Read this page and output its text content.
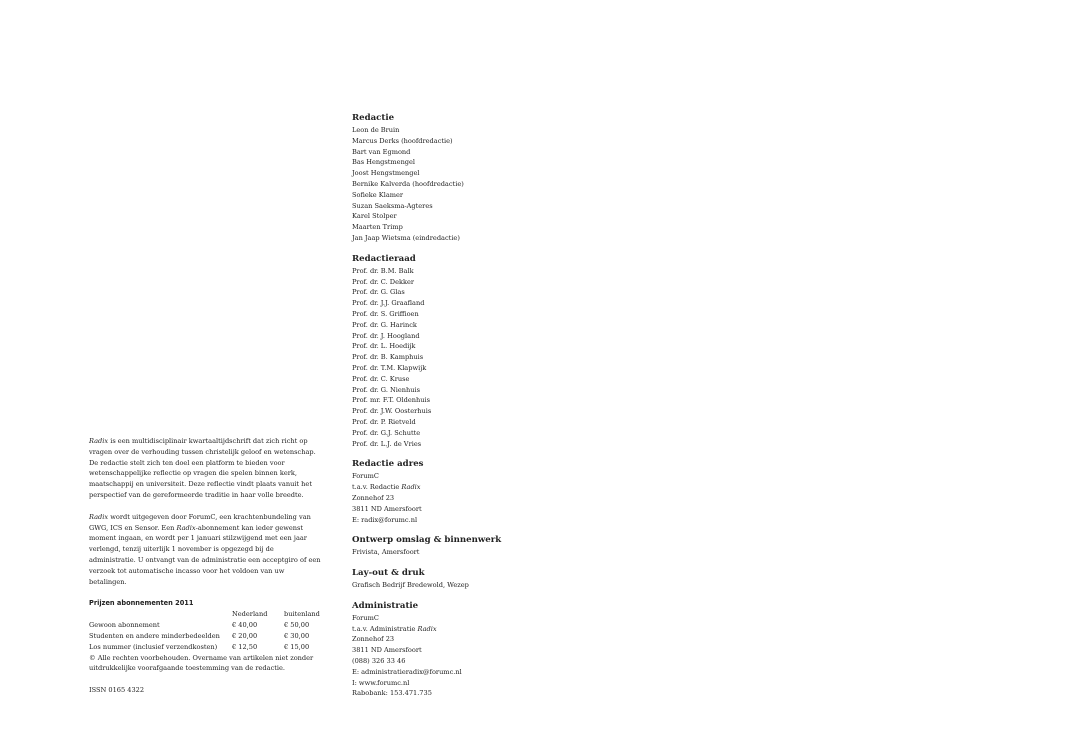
Radix is een multidisciplinair kwartaaltijdschrift dat zich richt op vragen over de verhouding tussen christelijk geloof en wetenschap. De redactie stelt zich ten doel een platform te bieden voor wetenschappelijke reflectie op vragen die spelen binnen kerk, maatschappij en universiteit. Deze reflectie vindt plaats vanuit het perspectief van de gereformeerde traditie in haar volle breedte.

Radix wordt uitgegeven door ForumC, een krachtenbundeling van GWG, ICS en Sensor. Een Radix-abonnement kan ieder gewenst moment ingaan, en wordt per 1 januari stilzwijgend met een jaar verlengd, tenzij uiterlijk 1 november is opgezegd bij de administratie. U ontvangt van de administratie een acceptgiro of een verzoek tot automatische incasso voor het voldoen van uw betalingen.

Prijzen abonnementen 2011
	Nederland	buitenland
Gewoon abonnement	€ 40,00	€ 50,00
Studenten en andere minderbedeelden	€ 20,00	€ 30,00
Los nummer (inclusief verzendkosten)	€ 12,50	€ 15,00

© Alle rechten voorbehouden. Overname van artikelen niet zonder uitdrukkelijke voorafgaande toestemming van de redactie.

ISSN 0165 4322

Redactie
Leon de Bruin
Marcus Derks (hoofdredactie)
Bart van Egmond
Bas Hengstmengel
Joost Hengstmengel
Bernike Kalverda (hoofdredactie)
Sofieke Klamer
Suzan Saeksma-Agteres
Karel Stolper
Maarten Trimp
Jan Jaap Wietsma (eindredactie)
Redactieraad
Prof. dr. B.M. Balk
Prof. dr. C. Dekker
Prof. dr. G. Glas
Prof. dr. J.J. Graafland
Prof. dr. S. Griffioen
Prof. dr. G. Harinck
Prof. dr. J. Hoogland
Prof. dr. L. Hoedijk
Prof. dr. B. Kamphuis
Prof. dr. T.M. Klapwijk
Prof. dr. C. Kruse
Prof. dr. G. Nienhuis
Prof. mr. F.T. Oldenhuis
Prof. dr. J.W. Oosterhuis
Prof. dr. P. Rietveld
Prof. dr. G.J. Schutte
Prof. dr. L.J. de Vries
Redactie adres
ForumC
t.a.v. Redactie Radix
Zonnehof 23
3811 ND Amersfoort
E: radix@forumc.nl
Ontwerp omslag & binnenwerk
Frivista, Amersfoort
Lay-out & druk
Grafisch Bedrijf Bredewold, Wezep
Administratie
ForumC
t.a.v. Administratie Radix
Zonnehof 23
3811 ND Amersfoort
(088) 326 33 46
E: administratieradix@forumc.nl
I: www.forumc.nl
Rabobank: 153.471.735
